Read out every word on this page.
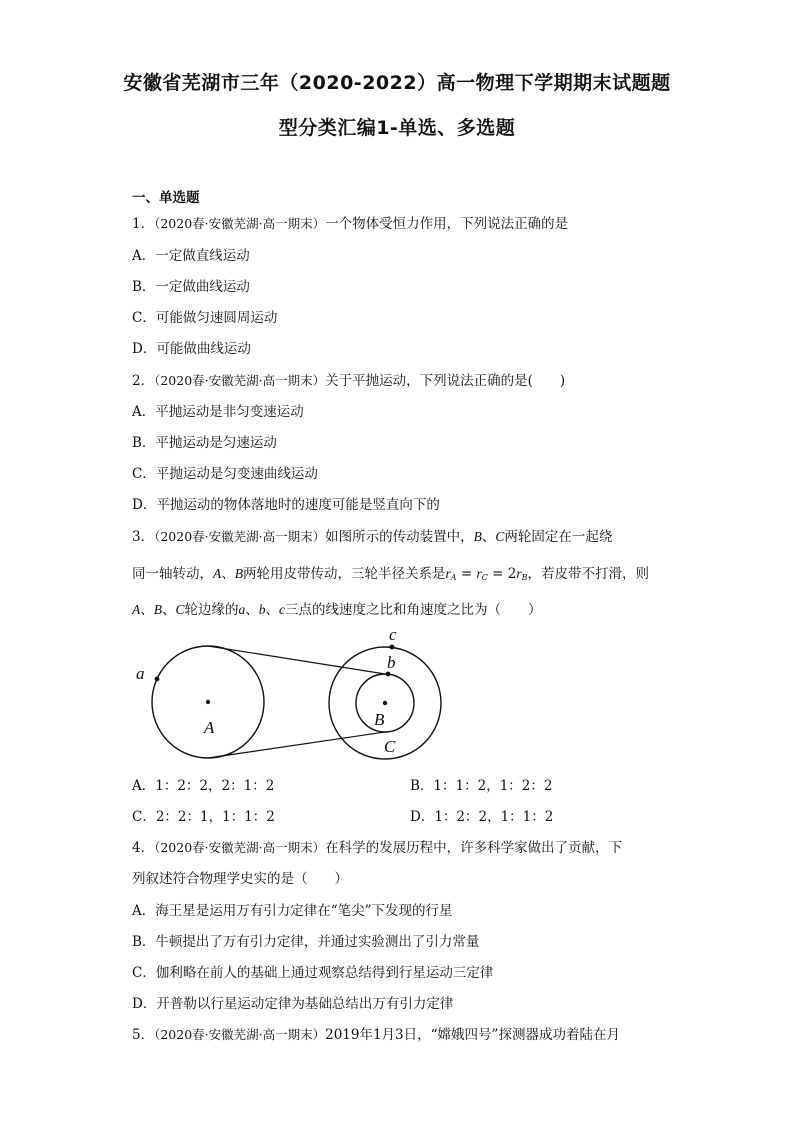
安徽省芜湖市三年（2020-2022）高一物理下学期期末试题题
型分类汇编1-单选、多选题
一、单选题
1．（2020春·安徽芜湖·高一期末）一个物体受恒力作用，下列说法正确的是
A．一定做直线运动
B．一定做曲线运动
C．可能做匀速圆周运动
D．可能做曲线运动
2．（2020春·安徽芜湖·高一期末）关于平抛运动，下列说法正确的是(　　)
A．平抛运动是非匀变速运动
B．平抛运动是匀速运动
C．平抛运动是匀变速曲线运动
D．平抛运动的物体落地时的速度可能是竖直向下的
3．（2020春·安徽芜湖·高一期末）如图所示的传动装置中，B、C两轮固定在一起绕
同一轴转动，A、B两轮用皮带传动，三轮半径关系是$r_A = r_C = 2r_B$，若皮带不打滑，则
A、B、C轮边缘的a、b、c三点的线速度之比和角速度之比为（　　）
a
b
c
A	B
C
A．1：2：2，2：1：2	B．1：1：2，1：2：2
C．2：2：1，1：1：2	D．1：2：2，1：1：2
4．（2020春·安徽芜湖·高一期末）在科学的发展历程中，许多科学家做出了贡献，下
列叙述符合物理学史实的是（　　）
A．海王星是运用万有引力定律在“笔尖”下发现的行星
B．牛顿提出了万有引力定律，并通过实验测出了引力常量
C．伽利略在前人的基础上通过观察总结得到行星运动三定律
D．开普勒以行星运动定律为基础总结出万有引力定律
5．（2020春·安徽芜湖·高一期末）2019年1月3日，“嫦娥四号”探测器成功着陆在月
